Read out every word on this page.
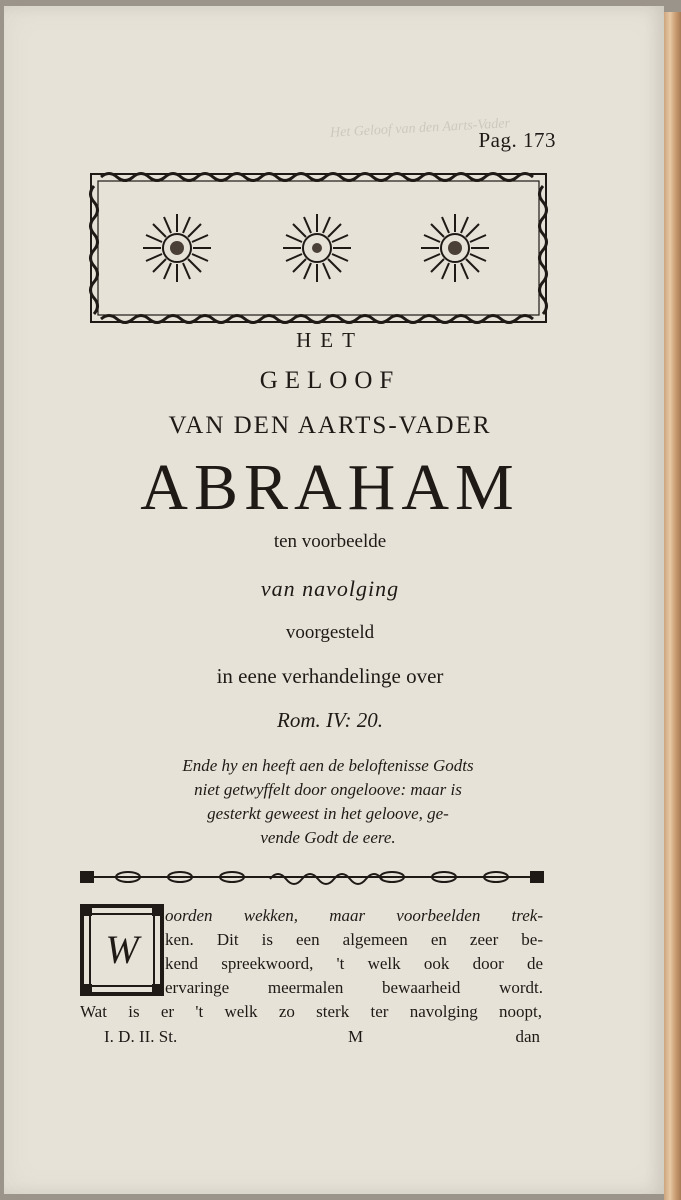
Het Geloof van den Aarts-Vader
Pag. 173
HET
GELOOF
VAN DEN AARTS-VADER
ABRAHAM
ten voorbeelde
van navolging
voorgesteld
in eene verhandelinge over
Rom. IV: 20.
Ende hy en heeft aen de beloftenisse Godts
niet getwyffelt door ongeloove: maar is
gesterkt geweest in het geloove, ge-
vende Godt de eere.
W
oorden wekken, maar voorbeelden trek-
ken. Dit is een algemeen en zeer be-
kend spreekwoord, 't welk ook door de
ervaringe meermalen bewaarheid wordt.
Wat is er 't welk zo sterk ter navolging noopt,
I. D. II. St.	M	dan
